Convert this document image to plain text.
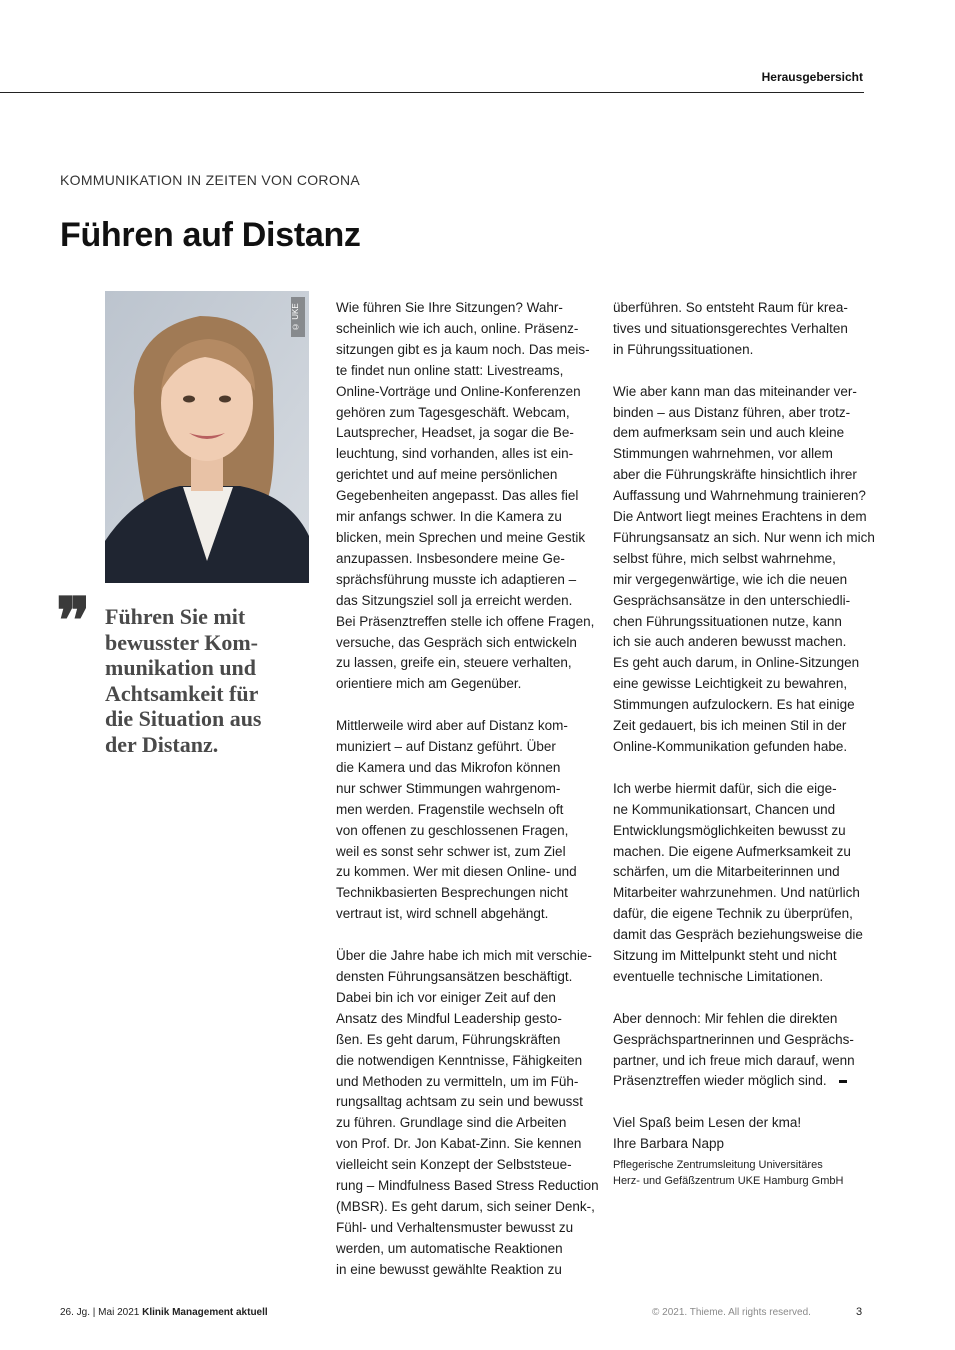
Herausgebersicht
KOMMUNIKATION IN ZEITEN VON CORONA
Führen auf Distanz
© UKE
❞ Führen Sie mit
bewusster Kom-
munikation und
Achtsamkeit für
die Situation aus
der Distanz.

Wie führen Sie Ihre Sitzungen? Wahr-
scheinlich wie ich auch, online. Präsenz-
sitzungen gibt es ja kaum noch. Das meis-
te findet nun online statt: Livestreams,
Online-Vorträge und Online-Konferenzen
gehören zum Tagesgeschäft. Webcam,
Lautsprecher, Headset, ja sogar die Be-
leuchtung, sind vorhanden, alles ist ein-
gerichtet und auf meine persönlichen
Gegebenheiten angepasst. Das alles fiel
mir anfangs schwer. In die Kamera zu
blicken, mein Sprechen und meine Gestik
anzupassen. Insbesondere meine Ge-
sprächsführung musste ich adaptieren –
das Sitzungsziel soll ja erreicht werden.
Bei Präsenztreffen stelle ich offene Fragen,
versuche, das Gespräch sich entwickeln
zu lassen, greife ein, steuere verhalten,
orientiere mich am Gegenüber.

Mittlerweile wird aber auf Distanz kom-
muniziert – auf Distanz geführt. Über
die Kamera und das Mikrofon können
nur schwer Stimmungen wahrgenom-
men werden. Fragenstile wechseln oft
von offenen zu geschlossenen Fragen,
weil es sonst sehr schwer ist, zum Ziel
zu kommen. Wer mit diesen Online- und
Technikbasierten Besprechungen nicht
vertraut ist, wird schnell abgehängt.

Über die Jahre habe ich mich mit verschie-
densten Führungsansätzen beschäftigt.
Dabei bin ich vor einiger Zeit auf den
Ansatz des Mindful Leadership gesto-
ßen. Es geht darum, Führungskräften
die notwendigen Kenntnisse, Fähigkeiten
und Methoden zu vermitteln, um im Füh-
rungsalltag achtsam zu sein und bewusst
zu führen. Grundlage sind die Arbeiten
von Prof. Dr. Jon Kabat-Zinn. Sie kennen
vielleicht sein Konzept der Selbststeue-
rung – Mindfulness Based Stress Reduction
(MBSR). Es geht darum, sich seiner Denk-,
Fühl- und Verhaltensmuster bewusst zu
werden, um automatische Reaktionen
in eine bewusst gewählte Reaktion zu

überführen. So entsteht Raum für krea-
tives und situationsgerechtes Verhalten
in Führungssituationen.

Wie aber kann man das miteinander ver-
binden – aus Distanz führen, aber trotz-
dem aufmerksam sein und auch kleine
Stimmungen wahrnehmen, vor allem
aber die Führungskräfte hinsichtlich ihrer
Auffassung und Wahrnehmung trainieren?
Die Antwort liegt meines Erachtens in dem
Führungsansatz an sich. Nur wenn ich mich
selbst führe, mich selbst wahrnehme,
mir vergegenwärtige, wie ich die neuen
Gesprächsansätze in den unterschiedli-
chen Führungssituationen nutze, kann
ich sie auch anderen bewusst machen.
Es geht auch darum, in Online-Sitzungen
eine gewisse Leichtigkeit zu bewahren,
Stimmungen aufzulockern. Es hat einige
Zeit gedauert, bis ich meinen Stil in der
Online-Kommunikation gefunden habe.

Ich werbe hiermit dafür, sich die eige-
ne Kommunikationsart, Chancen und
Entwicklungsmöglichkeiten bewusst zu
machen. Die eigene Aufmerksamkeit zu
schärfen, um die Mitarbeiterinnen und
Mitarbeiter wahrzunehmen. Und natürlich
dafür, die eigene Technik zu überprüfen,
damit das Gespräch beziehungsweise die
Sitzung im Mittelpunkt steht und nicht
eventuelle technische Limitationen.

Aber dennoch: Mir fehlen die direkten
Gesprächspartnerinnen und Gesprächs-
partner, und ich freue mich darauf, wenn
Präsenztreffen wieder möglich sind.

Viel Spaß beim Lesen der kma!
Ihre Barbara Napp
Pflegerische Zentrumsleitung Universitäres
Herz- und Gefäßzentrum UKE Hamburg GmbH
26. Jg. | Mai 2021 Klinik Management aktuell	© 2021. Thieme. All rights reserved.	3
